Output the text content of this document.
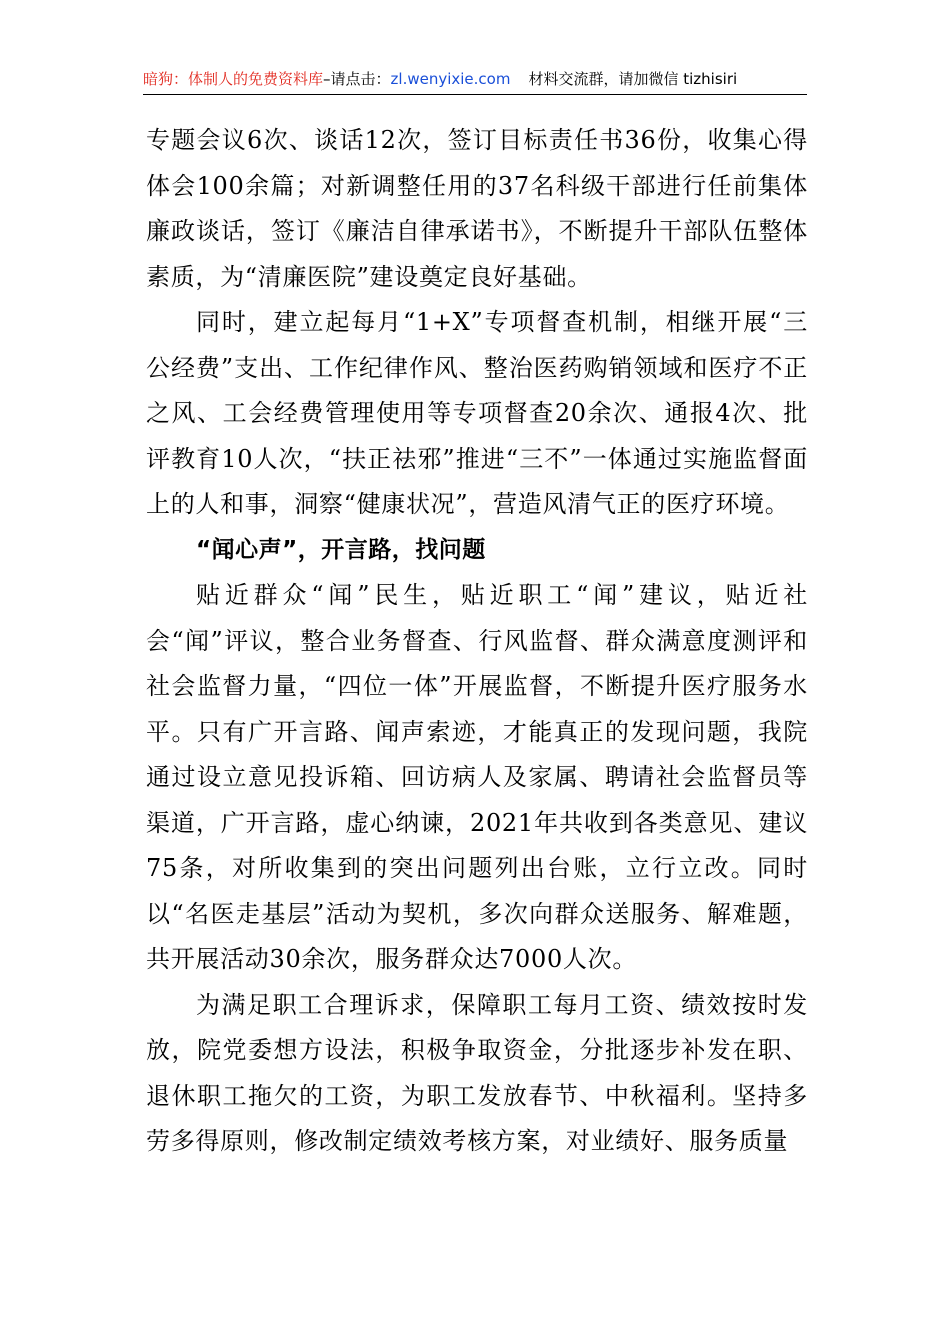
暗狗：体制人的免费资料库–请点击：zl.wenyixie.com 材料交流群，请加微信 tizhisiri

专题会议6次、谈话12次，签订目标责任书36份，收集心得体会100余篇；对新调整任用的37名科级干部进行任前集体廉政谈话，签订《廉洁自律承诺书》，不断提升干部队伍整体素质，为“清廉医院”建设奠定良好基础。

同时，建立起每月“1+X”专项督查机制，相继开展“三公经费”支出、工作纪律作风、整治医药购销领域和医疗不正之风、工会经费管理使用等专项督查20余次、通报4次、批评教育10人次，“扶正祛邪”推进“三不”一体通过实施监督面上的人和事，洞察“健康状况”，营造风清气正的医疗环境。

“闻心声”，开言路，找问题

贴近群众“闻”民生，贴近职工“闻”建议，贴近社会“闻”评议，整合业务督查、行风监督、群众满意度测评和社会监督力量，“四位一体”开展监督，不断提升医疗服务水平。只有广开言路、闻声索迹，才能真正的发现问题，我院通过设立意见投诉箱、回访病人及家属、聘请社会监督员等渠道，广开言路，虚心纳谏，2021年共收到各类意见、建议75条，对所收集到的突出问题列出台账，立行立改。同时以“名医走基层”活动为契机，多次向群众送服务、解难题，共开展活动30余次，服务群众达7000人次。

为满足职工合理诉求，保障职工每月工资、绩效按时发放，院党委想方设法，积极争取资金，分批逐步补发在职、退休职工拖欠的工资，为职工发放春节、中秋福利。坚持多劳多得原则，修改制定绩效考核方案，对业绩好、服务质量
